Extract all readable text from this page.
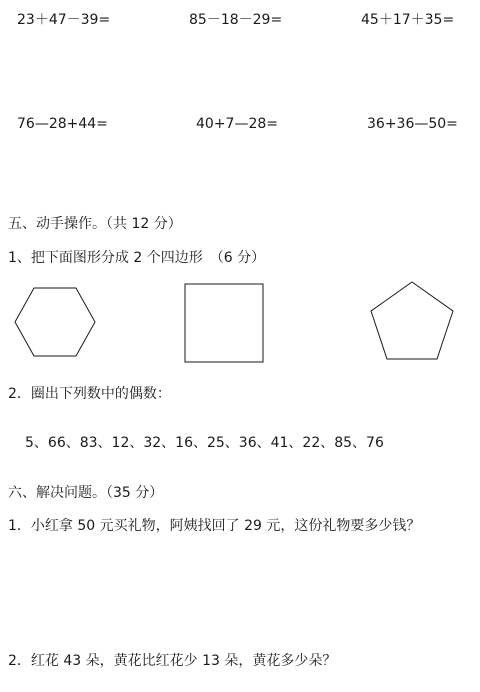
23＋47－39=	85－18－29=	45＋17＋35=
76—28+44=	40+7—28=	36+36—50=
五、动手操作。（共 12 分）
1、把下面图形分成 2 个四边形　（6 分）
2．圈出下列数中的偶数：
5、66、83、12、32、16、25、36、41、22、85、76
六、解决问题。（35 分）
1．小红拿 50 元买礼物，阿姨找回了 29 元，这份礼物要多少钱？
2．红花 43 朵，黄花比红花少 13 朵，黄花多少朵？
